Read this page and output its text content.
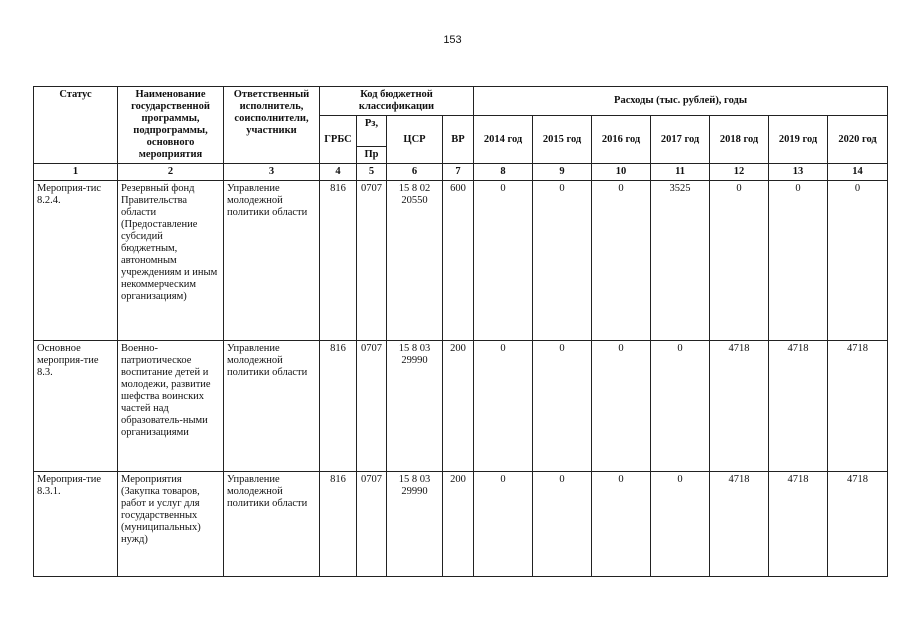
153
Статус	Наименование государственной программы, подпрограммы, основного мероприятия	Ответственный исполнитель, соисполнители, участники	Код бюджетной классификации				Расходы (тыс. рублей), годы						
			ГРБС	Рз,	ЦСР	ВР	2014 год	2015 год	2016 год	2017 год	2018 год	2019 год	2020 год
				Пр									
1	2	3	4	5	6	7	8	9	10	11	12	13	14
Мероприя-тис 8.2.4.	Резервный фонд Правительства области (Предоставление субсидий бюджетным, автономным учреждениям и иным некоммерческим организациям)	Управление молодежной политики области	816	0707	15 8 02 20550	600	0	0	0	3525	0	0	0
Основное мероприя-тие 8.3.	Военно-патриотическое воспитание детей и молодежи, развитие шефства воинских частей над образователь-ными организациями	Управление молодежной политики области	816	0707	15 8 03 29990	200	0	0	0	0	4718	4718	4718
Мероприя-тие 8.3.1.	Мероприятия (Закупка товаров, работ и услуг для государственных (муниципальных) нужд)	Управление молодежной политики области	816	0707	15 8 03 29990	200	0	0	0	0	4718	4718	4718
